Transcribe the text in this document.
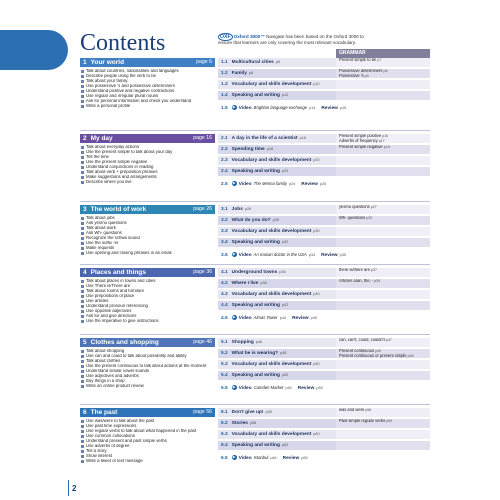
Contents	OXF Oxford 3000™ Navigate has been based on the Oxford 3000 to ensure that learners are only covering the most relevant vocabulary.
GRAMMAR
1 Your world	page 6
Talk about countries, nationalities and languages
Describe people using the verb to be
Talk about your family
Use possessive 's and possessive determiners
Understand positive and negative contractions
Use regular and irregular plural nouns
Ask for personal information and check you understand
Write a personal profile
1.1 Multicultural cities p6	Present simple to bep7
1.2 Family p8	Possessive determinersp8
Possessive 'sp9
1.3 Vocabulary and skills development p10
1.4 Speaking and writing p12
1.5 ▶ Video Brighton language exchange p14 Review p15
2 My day	page 16
Talk about everyday actions
Use the present simple to talk about your day
Tell the time
Use the present simple negative
Understand conjunctions in reading
Talk about verb + preposition phrases
Make suggestions and arrangements
Describe where you live
2.1 A day in the life of a scientist p16	Present simple positivep16
Adverbs of frequencyp17
2.2 Spending time p18	Present simple negativep18
2.3 Vocabulary and skills development p20
2.4 Speaking and writing p22
2.5 ▶ Video The Menna family p24 Review p25
3 The world of work	page 26
Talk about jobs
Ask yes/no questions
Talk about work
Ask Wh- questions
Recognize the schwa sound
Use the suffix -er
Make requests
Use opening and closing phrases in an email
3.1 Jobs p26	yes/no questionsp27
3.2 What do you do? p28	Wh- questionsp29
3.3 Vocabulary and skills development p30
3.4 Speaking and writing p32
3.5 ▶ Video An Iranian doctor in the USA p34 Review p35
4 Places and things	page 36
Talk about places in towns and cities
Use There is/There are
Talk about rooms and furniture
Use prepositions of place
Use articles
Understand pronoun referencing
Use opposite adjectives
Ask for and give directions
Use the imperative to give instructions
4.1 Underground towns p36	there is/there arep37
4.2 Where I live p38	Articles a/an, the, -p39
4.3 Vocabulary and skills development p40
4.4 Speaking and writing p42
4.5 ▶ Video Almas Tower p44 Review p45
5 Clothes and shopping	page 46
Talk about shopping
Use can and could to talk about possibility and ability
Talk about clothes
Use the present continuous to talk about actions at the moment
Understand similar vowel sounds
Use adjectives and adverbs
Buy things in a shop
Write an online product review
5.1 Shopping p46	can, can't, could, couldn'tp47
5.2 What he is wearing? p48	Present continuousp49
Present continuous or present simplep49
5.3 Vocabulary and skills development p50
5.4 Speaking and writing p52
5.5 ▶ Video Camden Market p54 Review p55
6 The past	page 56
Use was/were to talk about the past
Use past time expressions
Use regular verbs to talk about what happened in the past
Use common collocations
Understand present and past simple verbs
Use adverbs of degree
Tell a story
Show interest
Write a tweet or text message
6.1 Don't give up! p56	was and werep56
6.2 Stories p58	Past simple regular verbsp59
6.3 Vocabulary and skills development p60
6.4 Speaking and writing p62
6.5 ▶ Video Istanbul p64 Review p65
2
